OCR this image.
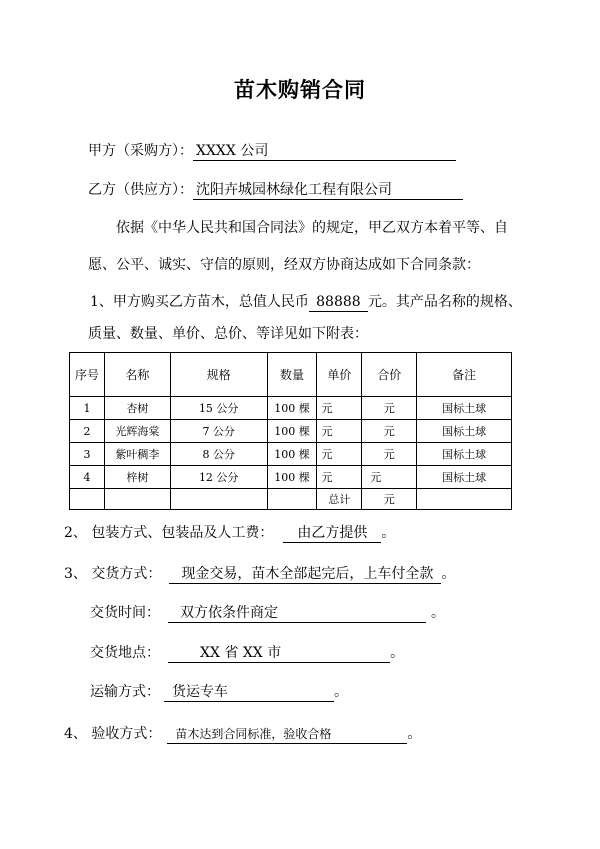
苗木购销合同
甲方（采购方）： XXXX 公司
乙方（供应方）： 沈阳卉城园林绿化工程有限公司
依据《中华人民共和国合同法》的规定，甲乙双方本着平等、自
愿、公平、诚实、守信的原则，经双方协商达成如下合同条款：
1、甲方购买乙方苗木，总值人民币 88888 元。其产品名称的规格、
质量、数量、单价、总价、等详见如下附表：
序号	名称	规格	数量	单价	合价	备注
1	杏树	15 公分	100 棵	元	元	国标土球
2	光辉海棠	7 公分	100 棵	元	元	国标土球
3	紫叶稠李	8 公分	100 棵	元	元	国标土球
4	梓树	12 公分	100 棵	元	元	国标土球
				总计	元	
2、 包装方式、包装品及人工费： 由乙方提供 。
3、 交货方式： 现金交易，苗木全部起完后，上车付全款 。
交货时间： 双方依条件商定	。
交货地点：	XX 省 XX 市	。
运输方式： 货运专车	。
4、 验收方式： 苗木达到合同标准，验收合格	。
